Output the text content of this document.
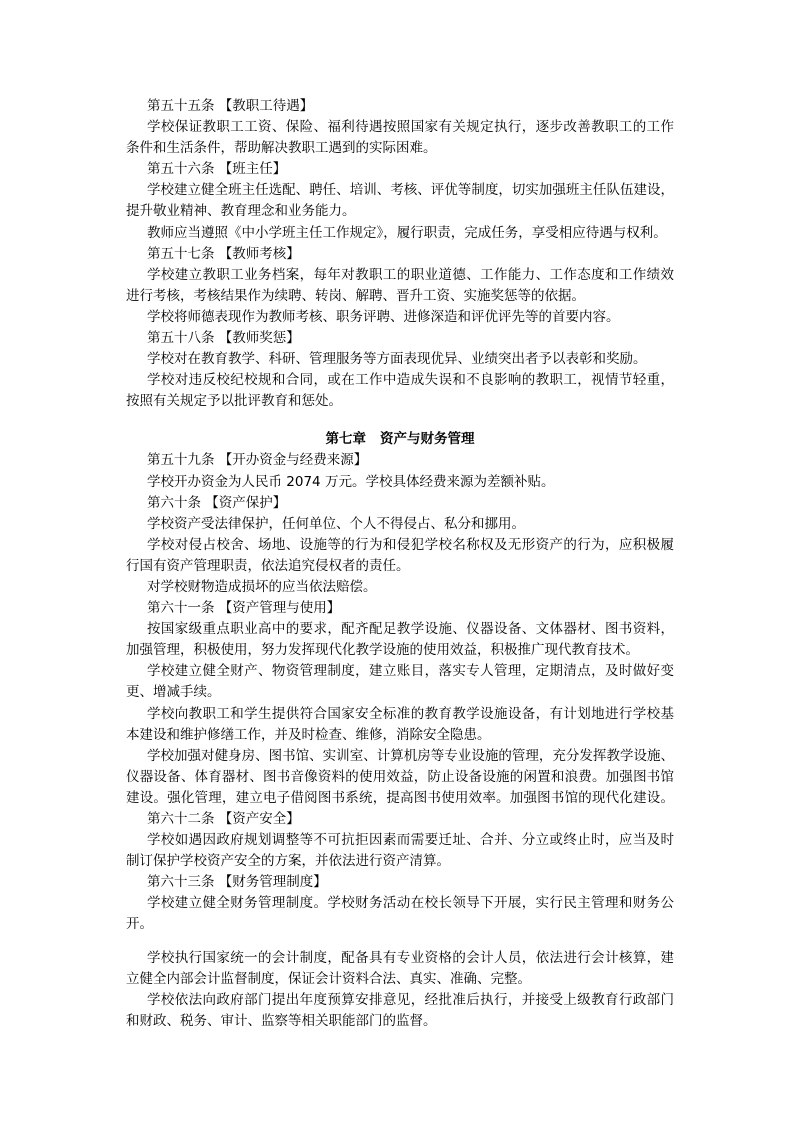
第五十五条 【教职工待遇】
学校保证教职工工资、保险、福利待遇按照国家有关规定执行，逐步改善教职工的工作
条件和生活条件，帮助解决教职工遇到的实际困难。
第五十六条 【班主任】
学校建立健全班主任选配、聘任、培训、考核、评优等制度，切实加强班主任队伍建设，
提升敬业精神、教育理念和业务能力。
教师应当遵照《中小学班主任工作规定》，履行职责，完成任务，享受相应待遇与权利。
第五十七条 【教师考核】
学校建立教职工业务档案，每年对教职工的职业道德、工作能力、工作态度和工作绩效
进行考核，考核结果作为续聘、转岗、解聘、晋升工资、实施奖惩等的依据。
学校将师德表现作为教师考核、职务评聘、进修深造和评优评先等的首要内容。
第五十八条 【教师奖惩】
学校对在教育教学、科研、管理服务等方面表现优异、业绩突出者予以表彰和奖励。
学校对违反校纪校规和合同，或在工作中造成失误和不良影响的教职工，视情节轻重，
按照有关规定予以批评教育和惩处。
第七章 资产与财务管理
第五十九条 【开办资金与经费来源】
学校开办资金为人民币 2074 万元。学校具体经费来源为差额补贴。
第六十条 【资产保护】
学校资产受法律保护，任何单位、个人不得侵占、私分和挪用。
学校对侵占校舍、场地、设施等的行为和侵犯学校名称权及无形资产的行为，应积极履
行国有资产管理职责，依法追究侵权者的责任。
对学校财物造成损坏的应当依法赔偿。
第六十一条 【资产管理与使用】
按国家级重点职业高中的要求，配齐配足教学设施、仪器设备、文体器材、图书资料，
加强管理，积极使用，努力发挥现代化教学设施的使用效益，积极推广现代教育技术。
学校建立健全财产、物资管理制度，建立账目，落实专人管理，定期清点，及时做好变
更、增减手续。
学校向教职工和学生提供符合国家安全标准的教育教学设施设备，有计划地进行学校基
本建设和维护修缮工作，并及时检查、维修，消除安全隐患。
学校加强对健身房、图书馆、实训室、计算机房等专业设施的管理，充分发挥教学设施、
仪器设备、体育器材、图书音像资料的使用效益，防止设备设施的闲置和浪费。加强图书馆
建设。强化管理，建立电子借阅图书系统，提高图书使用效率。加强图书馆的现代化建设。
第六十二条 【资产安全】
学校如遇因政府规划调整等不可抗拒因素而需要迁址、合并、分立或终止时，应当及时
制订保护学校资产安全的方案，并依法进行资产清算。
第六十三条 【财务管理制度】
学校建立健全财务管理制度。学校财务活动在校长领导下开展，实行民主管理和财务公
开。
学校执行国家统一的会计制度，配备具有专业资格的会计人员，依法进行会计核算，建
立健全内部会计监督制度，保证会计资料合法、真实、准确、完整。
学校依法向政府部门提出年度预算安排意见，经批准后执行，并接受上级教育行政部门
和财政、税务、审计、监察等相关职能部门的监督。
